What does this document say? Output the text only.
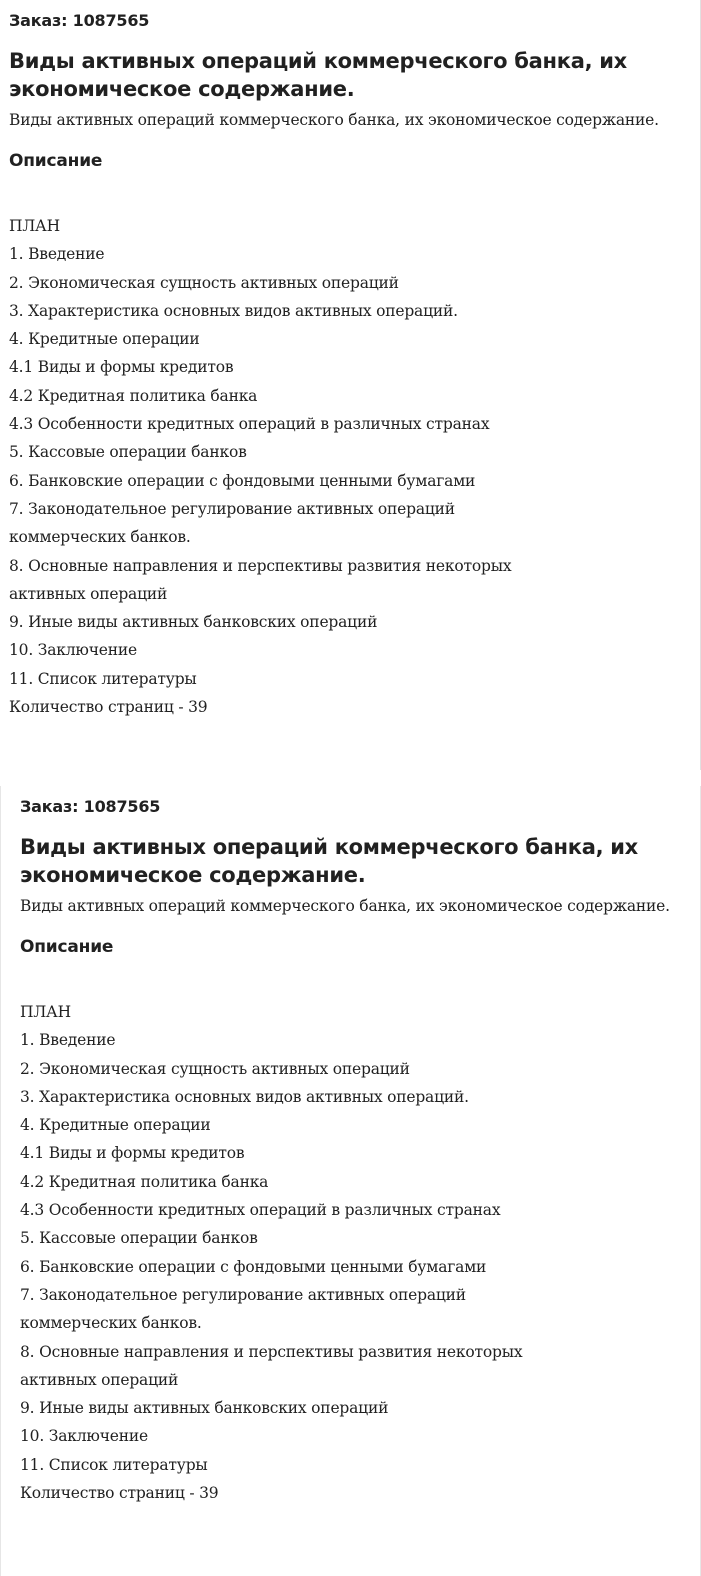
Заказ: 1087565

Виды активных операций коммерческого банка, их экономическое содержание.

Виды активных операций коммерческого банка, их экономическое содержание.

Описание
ПЛАН
1. Введение
2. Экономическая сущность активных операций
3. Характеристика основных видов активных операций.
4. Кредитные операции
4.1 Виды и формы кредитов
4.2 Кредитная политика банка
4.3 Особенности кредитных операций в различных странах
5. Кассовые операции банков
6. Банковские операции с фондовыми ценными бумагами
7. Законодательное регулирование активных операций
коммерческих банков.
8. Основные направления и перспективы развития некоторых
активных операций
9. Иные виды активных банковских операций
10. Заключение
11. Список литературы
Количество страниц - 39

Заказ: 1087565

Виды активных операций коммерческого банка, их экономическое содержание.

Виды активных операций коммерческого банка, их экономическое содержание.

Описание
ПЛАН
1. Введение
2. Экономическая сущность активных операций
3. Характеристика основных видов активных операций.
4. Кредитные операции
4.1 Виды и формы кредитов
4.2 Кредитная политика банка
4.3 Особенности кредитных операций в различных странах
5. Кассовые операции банков
6. Банковские операции с фондовыми ценными бумагами
7. Законодательное регулирование активных операций
коммерческих банков.
8. Основные направления и перспективы развития некоторых
активных операций
9. Иные виды активных банковских операций
10. Заключение
11. Список литературы
Количество страниц - 39
